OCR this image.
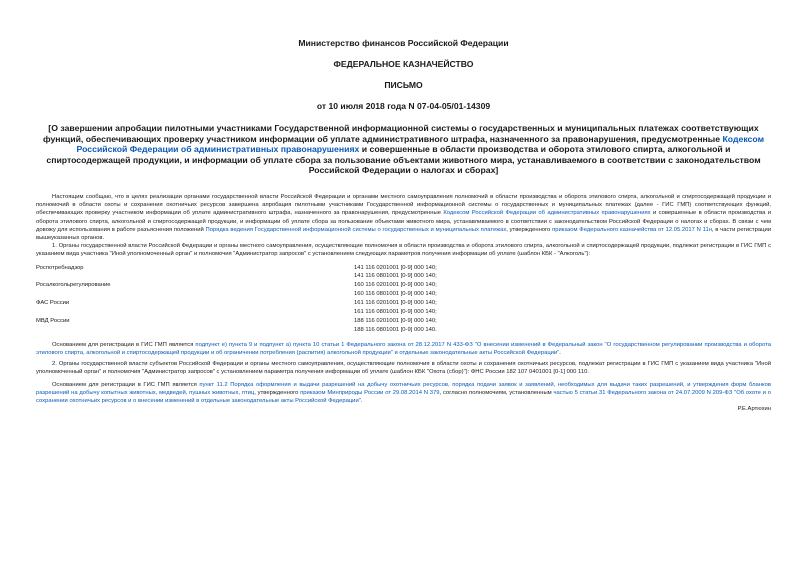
Министерство финансов Российской Федерации
ФЕДЕРАЛЬНОЕ КАЗНАЧЕЙСТВО
ПИСЬМО
от 10 июля 2018 года N 07-04-05/01-14309
[О завершении апробации пилотными участниками Государственной информационной системы о государственных и муниципальных платежах соответствующих функций, обеспечивающих проверку участником информации об уплате административного штрафа, назначенного за правонарушения, предусмотренные Кодексом Российской Федерации об административных правонарушениях и совершенные в области производства и оборота этилового спирта, алкогольной и спиртосодержащей продукции, и информации об уплате сбора за пользование объектами животного мира, устанавливаемого в соответствии с законодательством Российской Федерации о налогах и сборах]

Настоящим сообщаю, что в целях реализации органами государственной власти Российской Федерации и органами местного самоуправления полномочий в области производства и оборота этилового спирта, алкогольной и спиртосодержащей продукции и полномочий в области охоты и сохранения охотничьих ресурсов завершена апробация пилотными участниками Государственной информационной системы о государственных и муниципальных платежах (далее - ГИС ГМП) соответствующих функций, обеспечивающих проверку участником информации об уплате административного штрафа, назначенного за правонарушения, предусмотренные Кодексом Российской Федерации об административных правонарушениях и совершенные в области производства и оборота этилового спирта, алкогольной и спиртосодержащей продукции, и информации об уплате сбора за пользование объектами животного мира, устанавливаемого в соответствии с законодательством Российской Федерации о налогах и сборах. В связи с чем довожу для использования в работе разъяснения положений Порядка ведения Государственной информационной системы о государственных и муниципальных платежах, утвержденного приказом Федерального казначейства от 12.05.2017 N 11н, в части регистрации вышеуказанных органов.

1. Органы государственной власти Российской Федерации и органы местного самоуправления, осуществляющие полномочия в области производства и оборота этилового спирта, алкогольной и спиртосодержащей продукции, подлежат регистрации в ГИС ГМП с указанием вида участника "Иной уполномоченный орган" и полномочия "Администратор запросов" с установлением следующих параметров получения информации об уплате (шаблон КБК - "Алкоголь"):

Роспотребнадзор	141 116 0201001 [0-9] 000 140;
141 116 0801001 [0-9] 000 140;
Росалкогольрегулирование	160 116 0201001 [0-9] 000 140;
160 116 0801001 [0-9] 000 140;
ФАС России	161 116 0201001 [0-9] 000 140;
161 116 0801001 [0-9] 000 140;
МВД России	188 116 0201001 [0-9] 000 140;
188 116 0801001 [0-9] 000 140.

Основанием для регистрации в ГИС ГМП является подпункт е) пункта 9 и подпункт а) пункта 10 статьи 1 Федерального закона от 28.12.2017 N 433-ФЗ "О внесении изменений в Федеральный закон "О государственном регулировании производства и оборота этилового спирта, алкогольной и спиртосодержащей продукции и об ограничении потребления (распития) алкогольной продукции" и отдельные законодательные акты Российской Федерации".

2. Органы государственной власти субъектов Российской Федерации и органы местного самоуправления, осуществляющие полномочия в области охоты и сохранения охотничьих ресурсов, подлежат регистрации в ГИС ГМП с указанием вида участника "Иной уполномоченный орган" и полномочия "Администратор запросов" с установлением параметра получения информации об уплате (шаблон КБК "Охота (сбор)"): ФНС России 182 107 0401001 [0-1] 000 110.

Основанием для регистрации в ГИС ГМП является пункт 11.2 Порядка оформления и выдачи разрешений на добычу охотничьих ресурсов, порядка подачи заявок и заявлений, необходимых для выдачи таких разрешений, и утверждения форм бланков разрешений на добычу копытных животных, медведей, пушных животных, птиц, утвержденного приказом Минприроды России от 29.08.2014 N 379, согласно полномочиям, установленным частью 5 статьи 31 Федерального закона от 24.07.2009 N 209-ФЗ "Об охоте и о сохранении охотничьих ресурсов и о внесении изменений в отдельные законодательные акты Российской Федерации".

Р.Е.Артюхин
